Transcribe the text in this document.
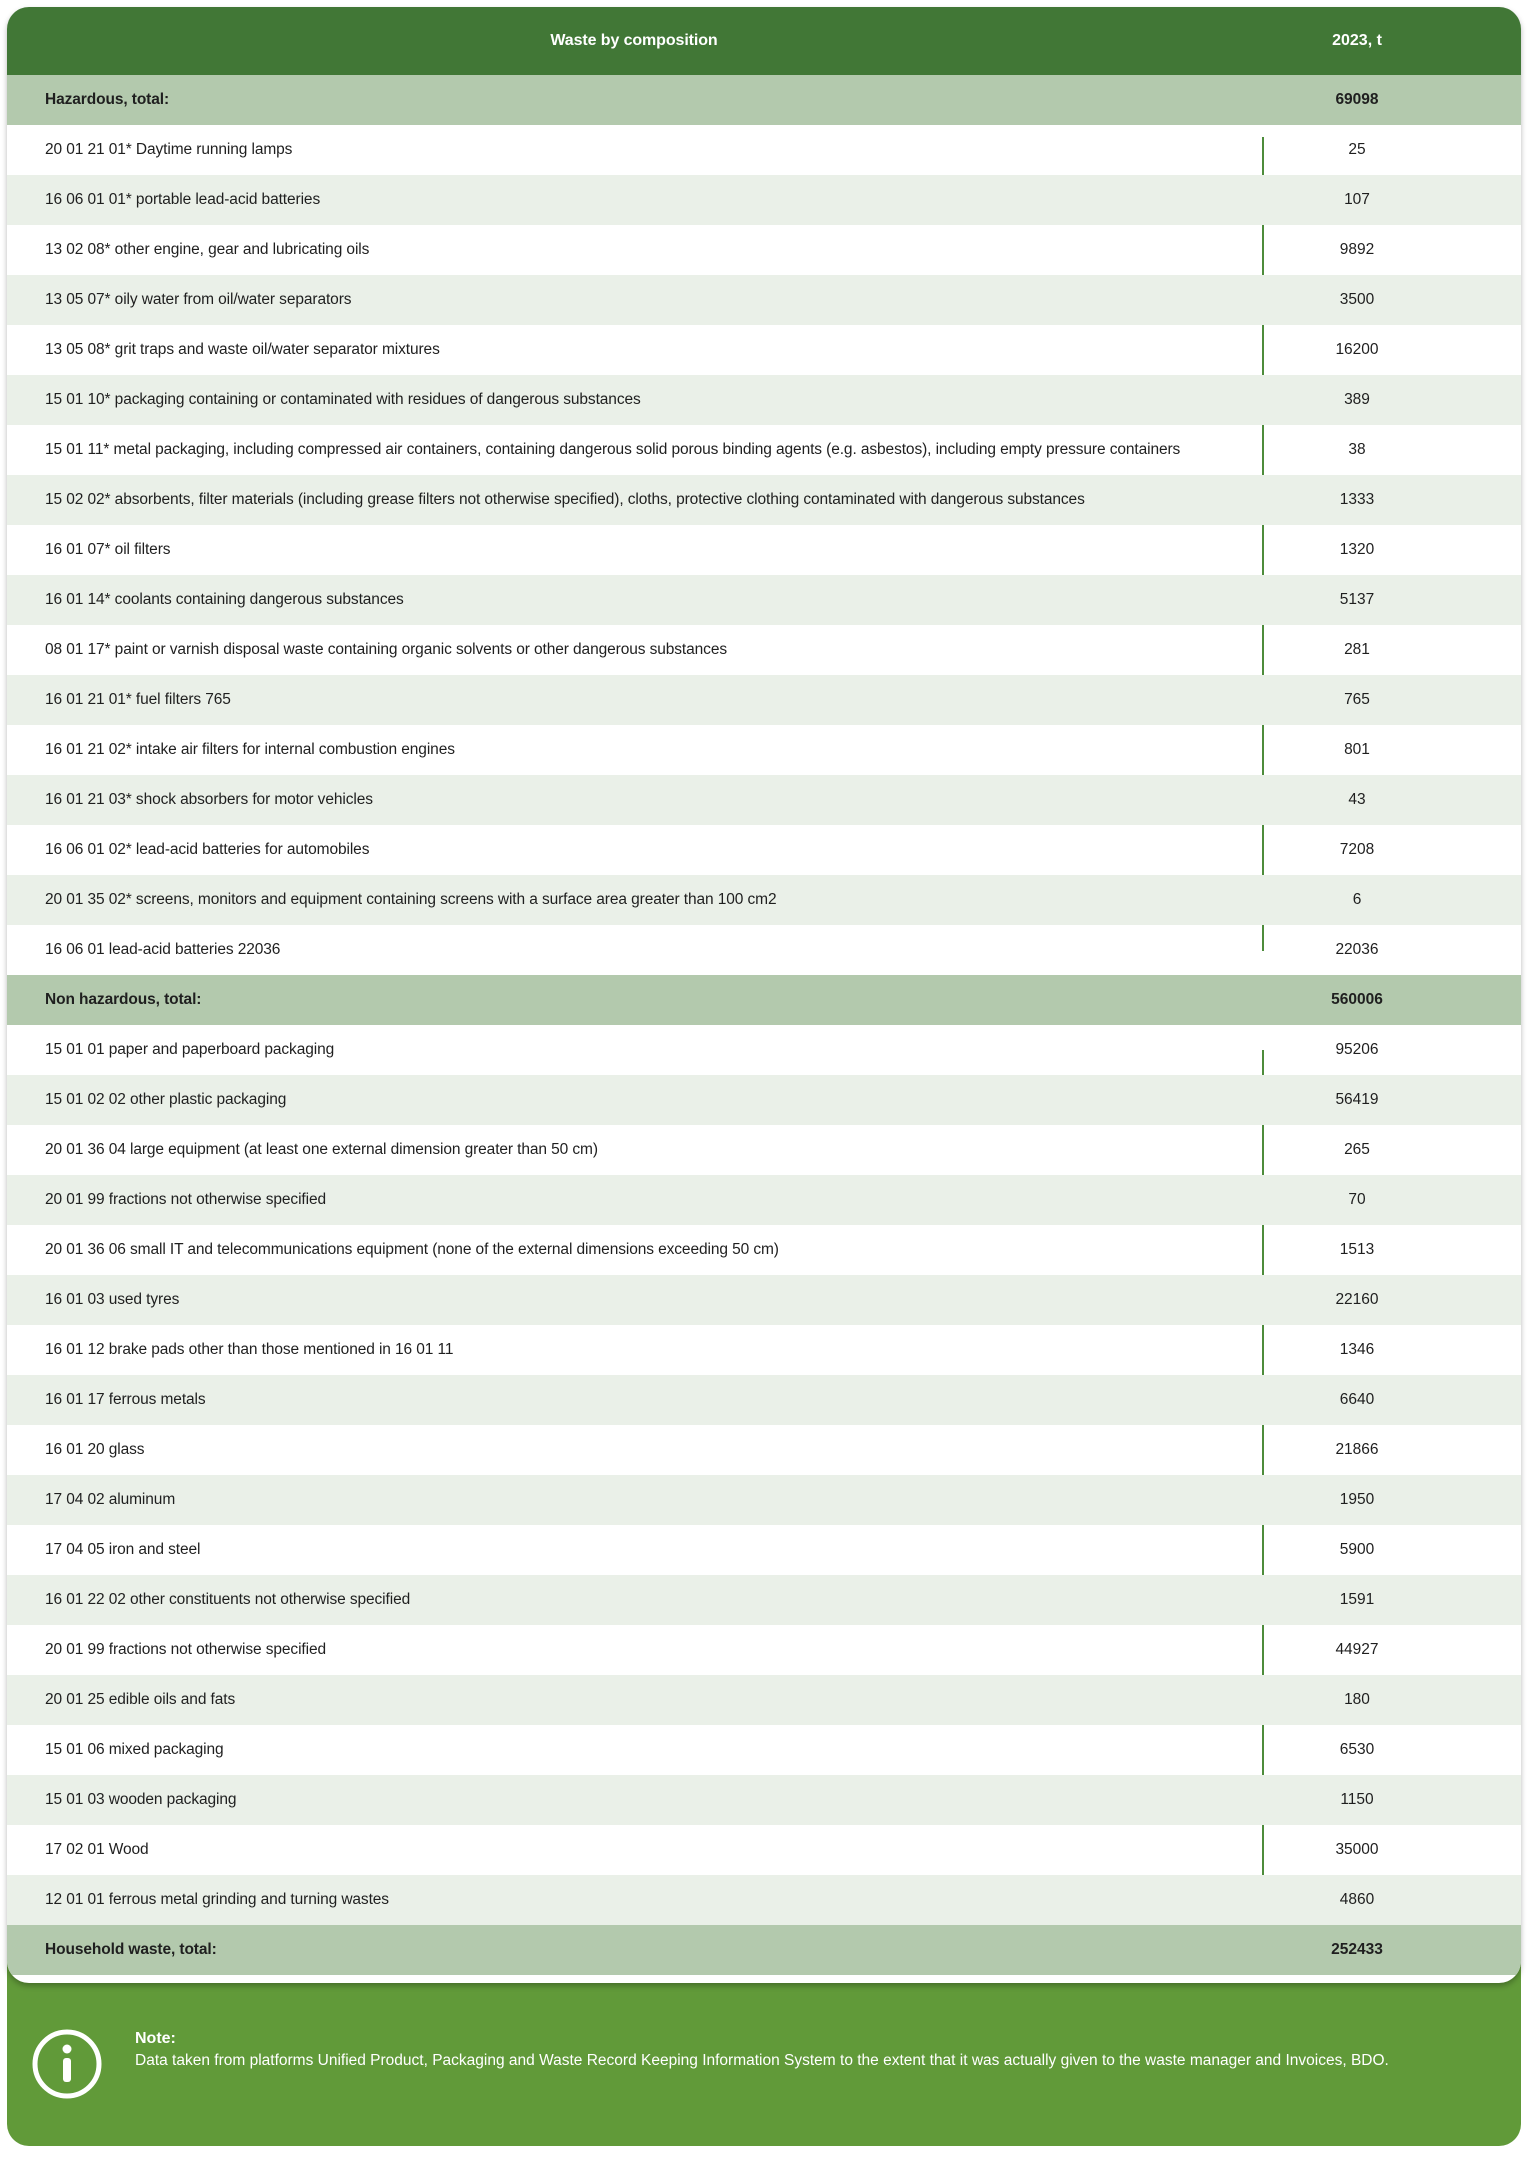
Note:
Data taken from platforms Unified Product, Packaging and Waste Record Keeping Information System to the extent that it was actually given to the waste manager and Invoices, BDO.
Waste by composition	2023, t
Hazardous, total:	69098
20 01 21 01* Daytime running lamps	25
16 06 01 01* portable lead-acid batteries	107
13 02 08* other engine, gear and lubricating oils	9892
13 05 07* oily water from oil/water separators	3500
13 05 08* grit traps and waste oil/water separator mixtures	16200
15 01 10* packaging containing or contaminated with residues of dangerous substances	389
15 01 11* metal packaging, including compressed air containers, containing dangerous solid porous binding agents (e.g. asbestos), including empty pressure containers	38
15 02 02* absorbents, filter materials (including grease filters not otherwise specified), cloths, protective clothing contaminated with dangerous substances	1333
16 01 07* oil filters	1320
16 01 14* coolants containing dangerous substances	5137
08 01 17* paint or varnish disposal waste containing organic solvents or other dangerous substances	281
16 01 21 01* fuel filters 765	765
16 01 21 02* intake air filters for internal combustion engines	801
16 01 21 03* shock absorbers for motor vehicles	43
16 06 01 02* lead-acid batteries for automobiles	7208
20 01 35 02* screens, monitors and equipment containing screens with a surface area greater than 100 cm2	6
16 06 01 lead-acid batteries 22036	22036
Non hazardous, total:	560006
15 01 01 paper and paperboard packaging	95206
15 01 02 02 other plastic packaging	56419
20 01 36 04 large equipment (at least one external dimension greater than 50 cm)	265
20 01 99 fractions not otherwise specified	70
20 01 36 06 small IT and telecommunications equipment (none of the external dimensions exceeding 50 cm)	1513
16 01 03 used tyres	22160
16 01 12 brake pads other than those mentioned in 16 01 11	1346
16 01 17 ferrous metals	6640
16 01 20 glass	21866
17 04 02 aluminum	1950
17 04 05 iron and steel	5900
16 01 22 02 other constituents not otherwise specified	1591
20 01 99 fractions not otherwise specified	44927
20 01 25 edible oils and fats	180
15 01 06 mixed packaging	6530
15 01 03 wooden packaging	1150
17 02 01 Wood	35000
12 01 01 ferrous metal grinding and turning wastes	4860
Household waste, total:	252433
